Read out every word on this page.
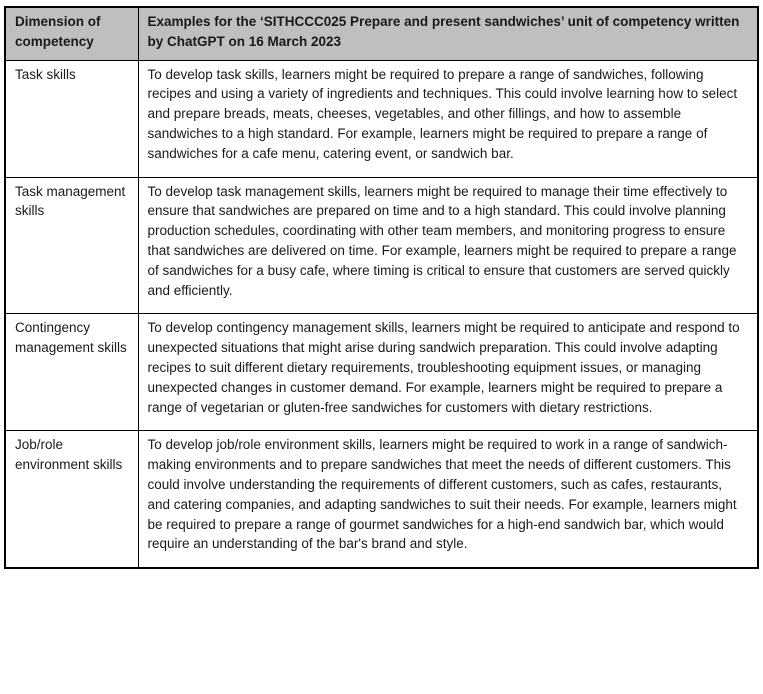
Dimension of competency	Examples for the ‘SITHCCC025 Prepare and present sandwiches’ unit of competency written by ChatGPT on 16 March 2023
Task skills	To develop task skills, learners might be required to prepare a range of sandwiches, following recipes and using a variety of ingredients and techniques. This could involve learning how to select and prepare breads, meats, cheeses, vegetables, and other fillings, and how to assemble sandwiches to a high standard. For example, learners might be required to prepare a range of sandwiches for a cafe menu, catering event, or sandwich bar.
Task management skills	To develop task management skills, learners might be required to manage their time effectively to ensure that sandwiches are prepared on time and to a high standard. This could involve planning production schedules, coordinating with other team members, and monitoring progress to ensure that sandwiches are delivered on time. For example, learners might be required to prepare a range of sandwiches for a busy cafe, where timing is critical to ensure that customers are served quickly and efficiently.
Contingency management skills	To develop contingency management skills, learners might be required to anticipate and respond to unexpected situations that might arise during sandwich preparation. This could involve adapting recipes to suit different dietary requirements, troubleshooting equipment issues, or managing unexpected changes in customer demand. For example, learners might be required to prepare a range of vegetarian or gluten-free sandwiches for customers with dietary restrictions.
Job/role environment skills	To develop job/role environment skills, learners might be required to work in a range of sandwich-making environments and to prepare sandwiches that meet the needs of different customers. This could involve understanding the requirements of different customers, such as cafes, restaurants, and catering companies, and adapting sandwiches to suit their needs. For example, learners might be required to prepare a range of gourmet sandwiches for a high-end sandwich bar, which would require an understanding of the bar's brand and style.
